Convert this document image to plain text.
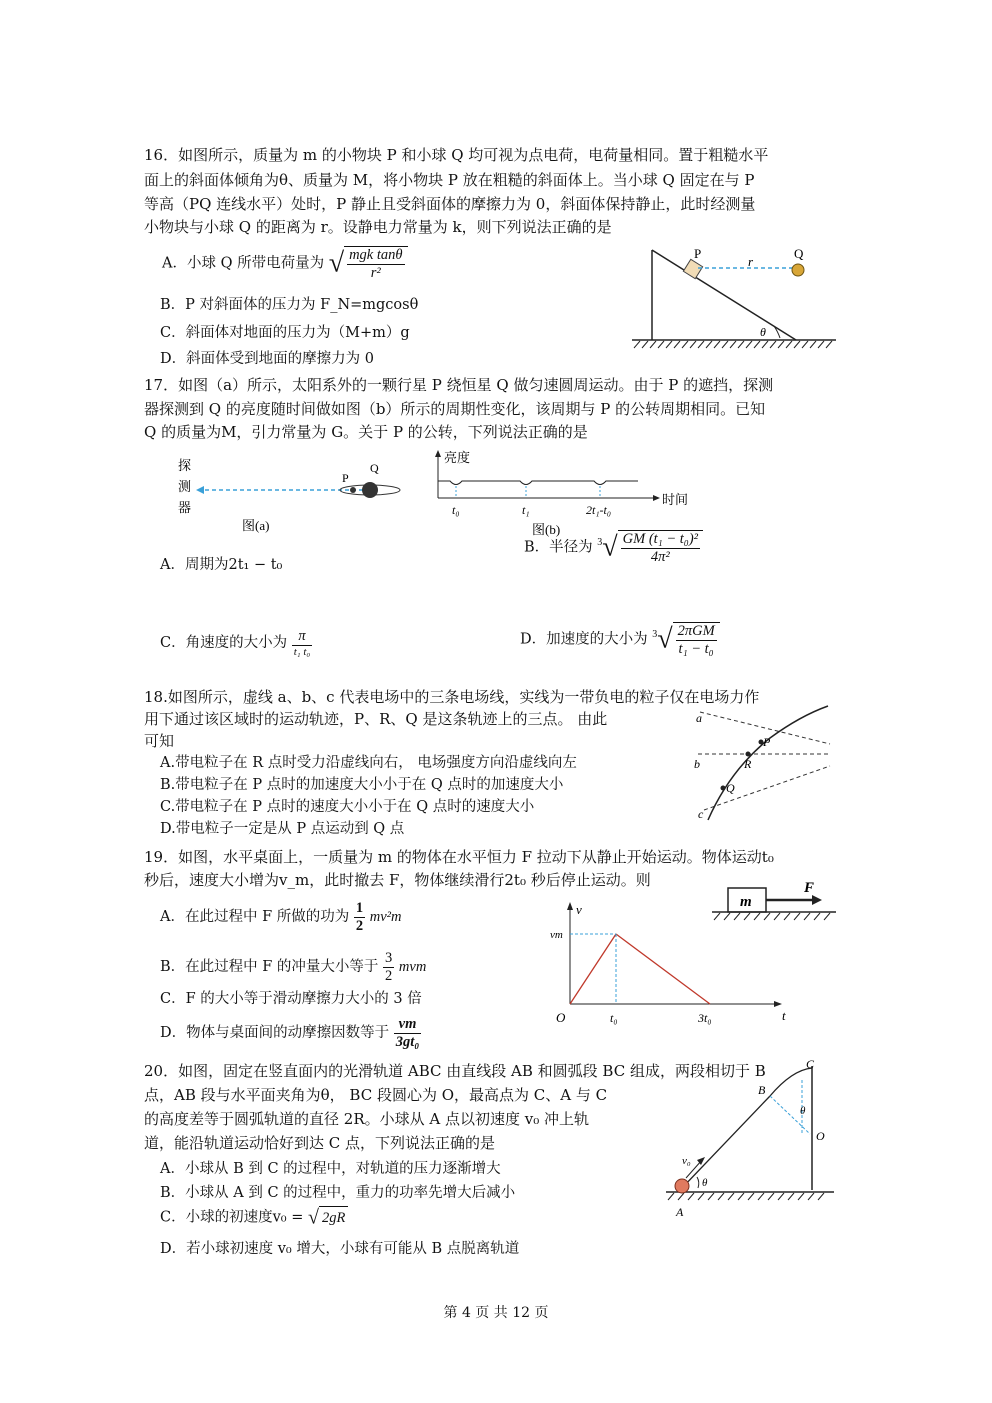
16．如图所示，质量为 m 的小物块 P 和小球 Q 均可视为点电荷，电荷量相同。置于粗糙水平
面上的斜面体倾角为θ、质量为 M，将小物块 P 放在粗糙的斜面体上。当小球 Q 固定在与 P
等高（PQ 连线水平）处时，P 静止且受斜面体的摩擦力为 0，斜面体保持静止，此时经测量
小物块与小球 Q 的距离为 r。设静电力常量为 k，则下列说法正确的是
A．小球 Q 所带电荷量为 √ $\frac{\text{mgk tanθ}}{\text{r²}}$
B．P 对斜面体的压力为 F_N=mgcosθ
C．斜面体对地面的压力为（M+m）g
D．斜面体受到地面的摩擦力为 0
P	Q
r
θ
17．如图（a）所示，太阳系外的一颗行星 P 绕恒星 Q 做匀速圆周运动。由于 P 的遮挡，探测
器探测到 Q 的亮度随时间做如图（b）所示的周期性变化，该周期与 P 的公转周期相同。已知
Q 的质量为M，引力常量为 G。关于 P 的公转，下列说法正确的是
探
测
器
P
Q
图(a)
亮度
时间
t₀	t₁	2t₁-t₀
图(b)
A．周期为2t₁ − t₀
B．半径为 $^3√ \frac{\text{GM (t₁ − t₀)²}}{\text{4π²}}$
C．角速度的大小为 $\frac{\pi}{\text{t₁ t₀}}$	D．加速度的大小为 $^3√ \frac{\text{2πGM}}{\text{t₁ − t₀}}$
18.如图所示，虚线 a、b、c 代表电场中的三条电场线，实线为一带负电的粒子仅在电场力作
用下通过该区域时的运动轨迹，P、R、Q 是这条轨迹上的三点。 由此
可知
A.带电粒子在 R 点时受力沿虚线向右， 电场强度方向沿虚线向左
B.带电粒子在 P 点时的加速度大小小于在 Q 点时的加速度大小
C.带电粒子在 P 点时的速度大小小于在 Q 点时的速度大小
D.带电粒子一定是从 P 点运动到 Q 点
a
b
c
P
R
Q
19．如图，水平桌面上，一质量为 m 的物体在水平恒力 F 拉动下从静止开始运动。物体运动t₀
秒后，速度大小增为v_m，此时撤去 F，物体继续滑行2t₀ 秒后停止运动。则
A．在此过程中 F 所做的功为 $\frac{1}{2} mv^2m$
B．在此过程中 F 的冲量大小等于 $\frac{3}{2}$ mvm
C．F 的大小等于滑动摩擦力大小的 3 倍
D．物体与桌面间的动摩擦因数等于 $\frac{vm}{\text{3gt₀}}$
m
F
v
t
vm
O	t₀	3t₀
20．如图，固定在竖直面内的光滑轨道 ABC 由直线段 AB 和圆弧段 BC 组成，两段相切于 B
点，AB 段与水平面夹角为θ， BC 段圆心为 O，最高点为 C、A 与 C
的高度差等于圆弧轨道的直径 2R。小球从 A 点以初速度 v₀ 冲上轨
道，能沿轨道运动恰好到达 C 点，下列说法正确的是
A．小球从 B 到 C 的过程中，对轨道的压力逐渐增大
B．小球从 A 到 C 的过程中，重力的功率先增大后减小
C．小球的初速度v₀ = √ 2gR
D．若小球初速度 v₀ 增大，小球有可能从 B 点脱离轨道
v₀
θ
θ
A
B
C
O
第 4 页 共 12 页
